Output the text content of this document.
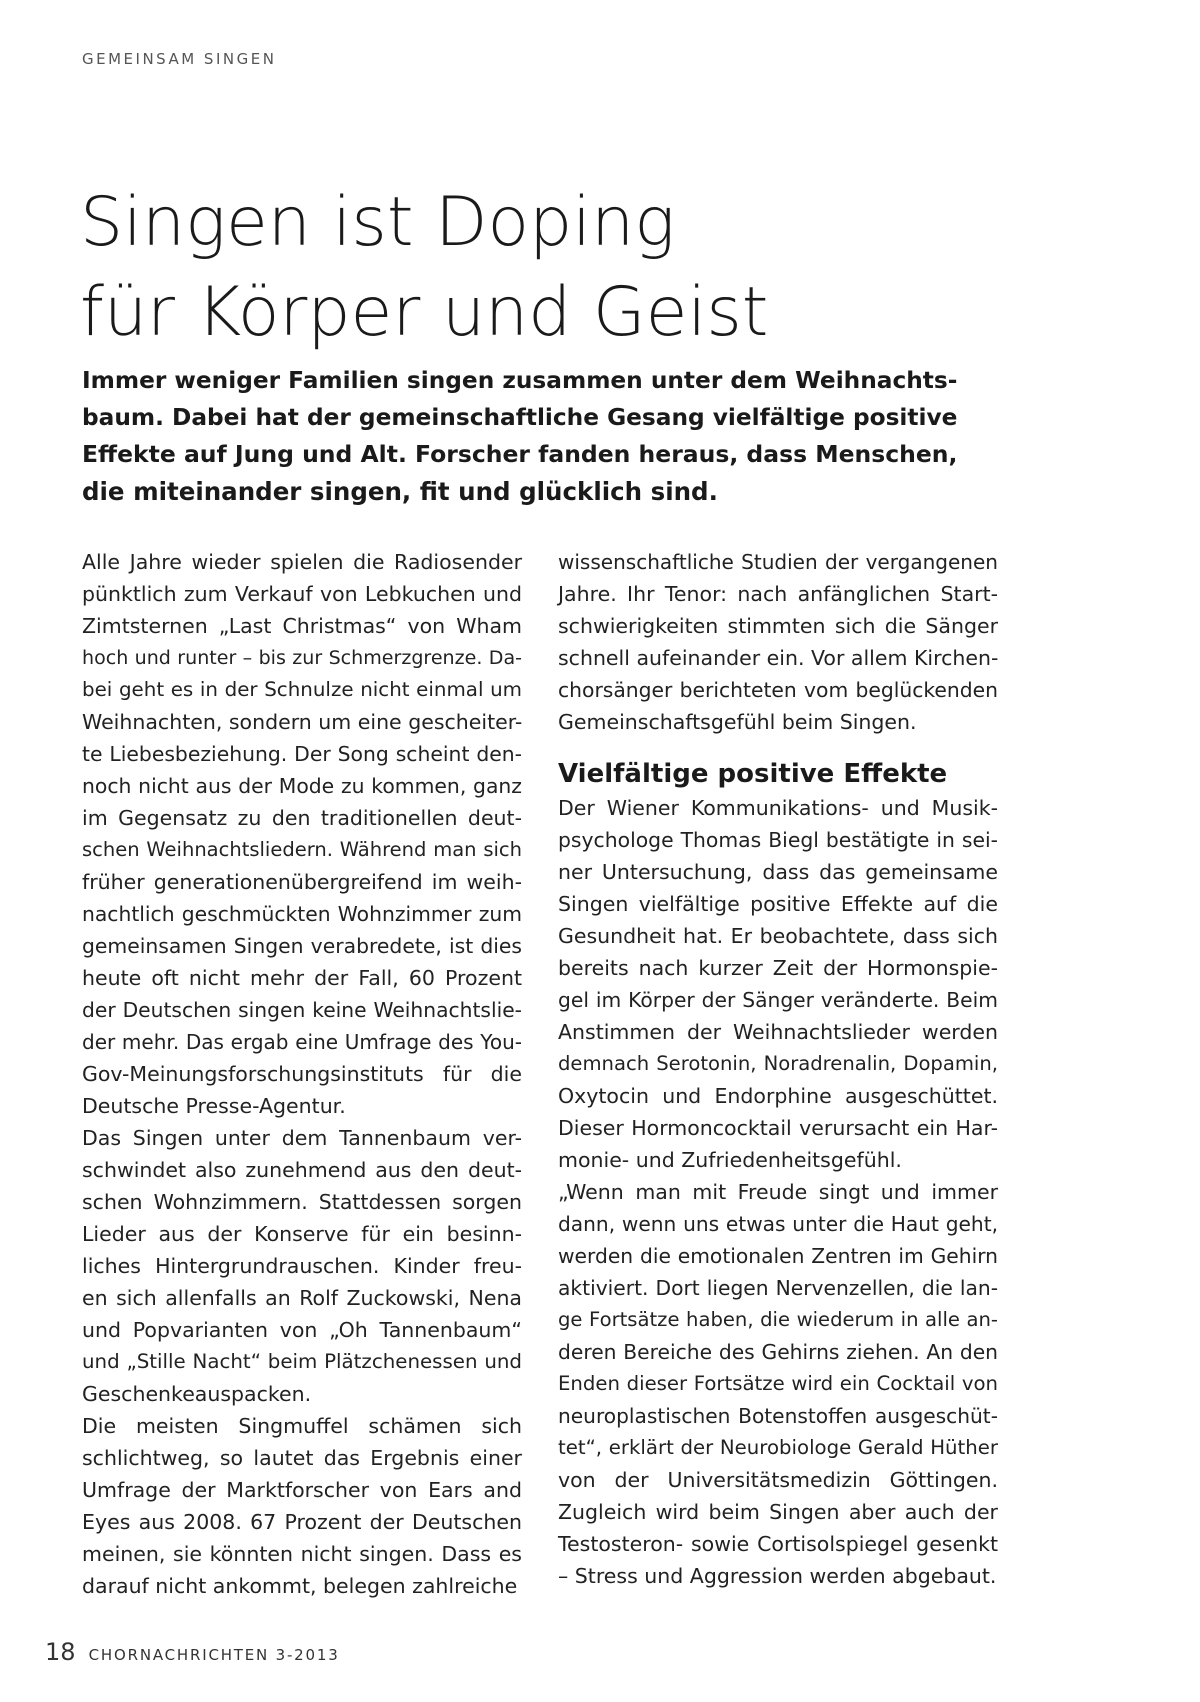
GEMEINSAM SINGEN
Singen ist Doping
für Körper und Geist
Immer weniger Familien singen zusammen unter dem Weihnachts-
baum. Dabei hat der gemeinschaftliche Gesang vielfältige positive
Effekte auf Jung und Alt. Forscher fanden heraus, dass Menschen,
die miteinander singen, fit und glücklich sind.
Alle Jahre wieder spielen die Radiosender
pünktlich zum Verkauf von Lebkuchen und
Zimtsternen „Last Christmas“ von Wham
hoch und runter – bis zur Schmerzgrenze. Da-
bei geht es in der Schnulze nicht einmal um
Weihnachten, sondern um eine gescheiter-
te Liebesbeziehung. Der Song scheint den-
noch nicht aus der Mode zu kommen, ganz
im Gegensatz zu den traditionellen deut-
schen Weihnachtsliedern. Während man sich
früher generationenübergreifend im weih-
nachtlich geschmückten Wohnzimmer zum
gemeinsamen Singen verabredete, ist dies
heute oft nicht mehr der Fall, 60 Prozent
der Deutschen singen keine Weihnachtslie-
der mehr. Das ergab eine Umfrage des You-
Gov-Meinungsforschungsinstituts für die
Deutsche Presse-Agentur.
Das Singen unter dem Tannenbaum ver-
schwindet also zunehmend aus den deut-
schen Wohnzimmern. Stattdessen sorgen
Lieder aus der Konserve für ein besinn-
liches Hintergrundrauschen. Kinder freu-
en sich allenfalls an Rolf Zuckowski, Nena
und Popvarianten von „Oh Tannenbaum“
und „Stille Nacht“ beim Plätzchenessen und
Geschenkeauspacken.
Die meisten Singmuffel schämen sich
schlichtweg, so lautet das Ergebnis einer
Umfrage der Marktforscher von Ears and
Eyes aus 2008. 67 Prozent der Deutschen
meinen, sie könnten nicht singen. Dass es
darauf nicht ankommt, belegen zahlreiche
wissenschaftliche Studien der vergangenen
Jahre. Ihr Tenor: nach anfänglichen Start-
schwierigkeiten stimmten sich die Sänger
schnell aufeinander ein. Vor allem Kirchen-
chorsänger berichteten vom beglückenden
Gemeinschaftsgefühl beim Singen.
Vielfältige positive Effekte
Der Wiener Kommunikations- und Musik-
psychologe Thomas Biegl bestätigte in sei-
ner Untersuchung, dass das gemeinsame
Singen vielfältige positive Effekte auf die
Gesundheit hat. Er beobachtete, dass sich
bereits nach kurzer Zeit der Hormonspie-
gel im Körper der Sänger veränderte. Beim
Anstimmen der Weihnachtslieder werden
demnach Serotonin, Noradrenalin, Dopamin,
Oxytocin und Endorphine ausgeschüttet.
Dieser Hormoncocktail verursacht ein Har-
monie- und Zufriedenheitsgefühl.
„Wenn man mit Freude singt und immer
dann, wenn uns etwas unter die Haut geht,
werden die emotionalen Zentren im Gehirn
aktiviert. Dort liegen Nervenzellen, die lan-
ge Fortsätze haben, die wiederum in alle an-
deren Bereiche des Gehirns ziehen. An den
Enden dieser Fortsätze wird ein Cocktail von
neuroplastischen Botenstoffen ausgeschüt-
tet“, erklärt der Neurobiologe Gerald Hüther
von der Universitätsmedizin Göttingen.
Zugleich wird beim Singen aber auch der
Testosteron- sowie Cortisolspiegel gesenkt
– Stress und Aggression werden abgebaut.
18 CHORNACHRICHTEN 3-2013
